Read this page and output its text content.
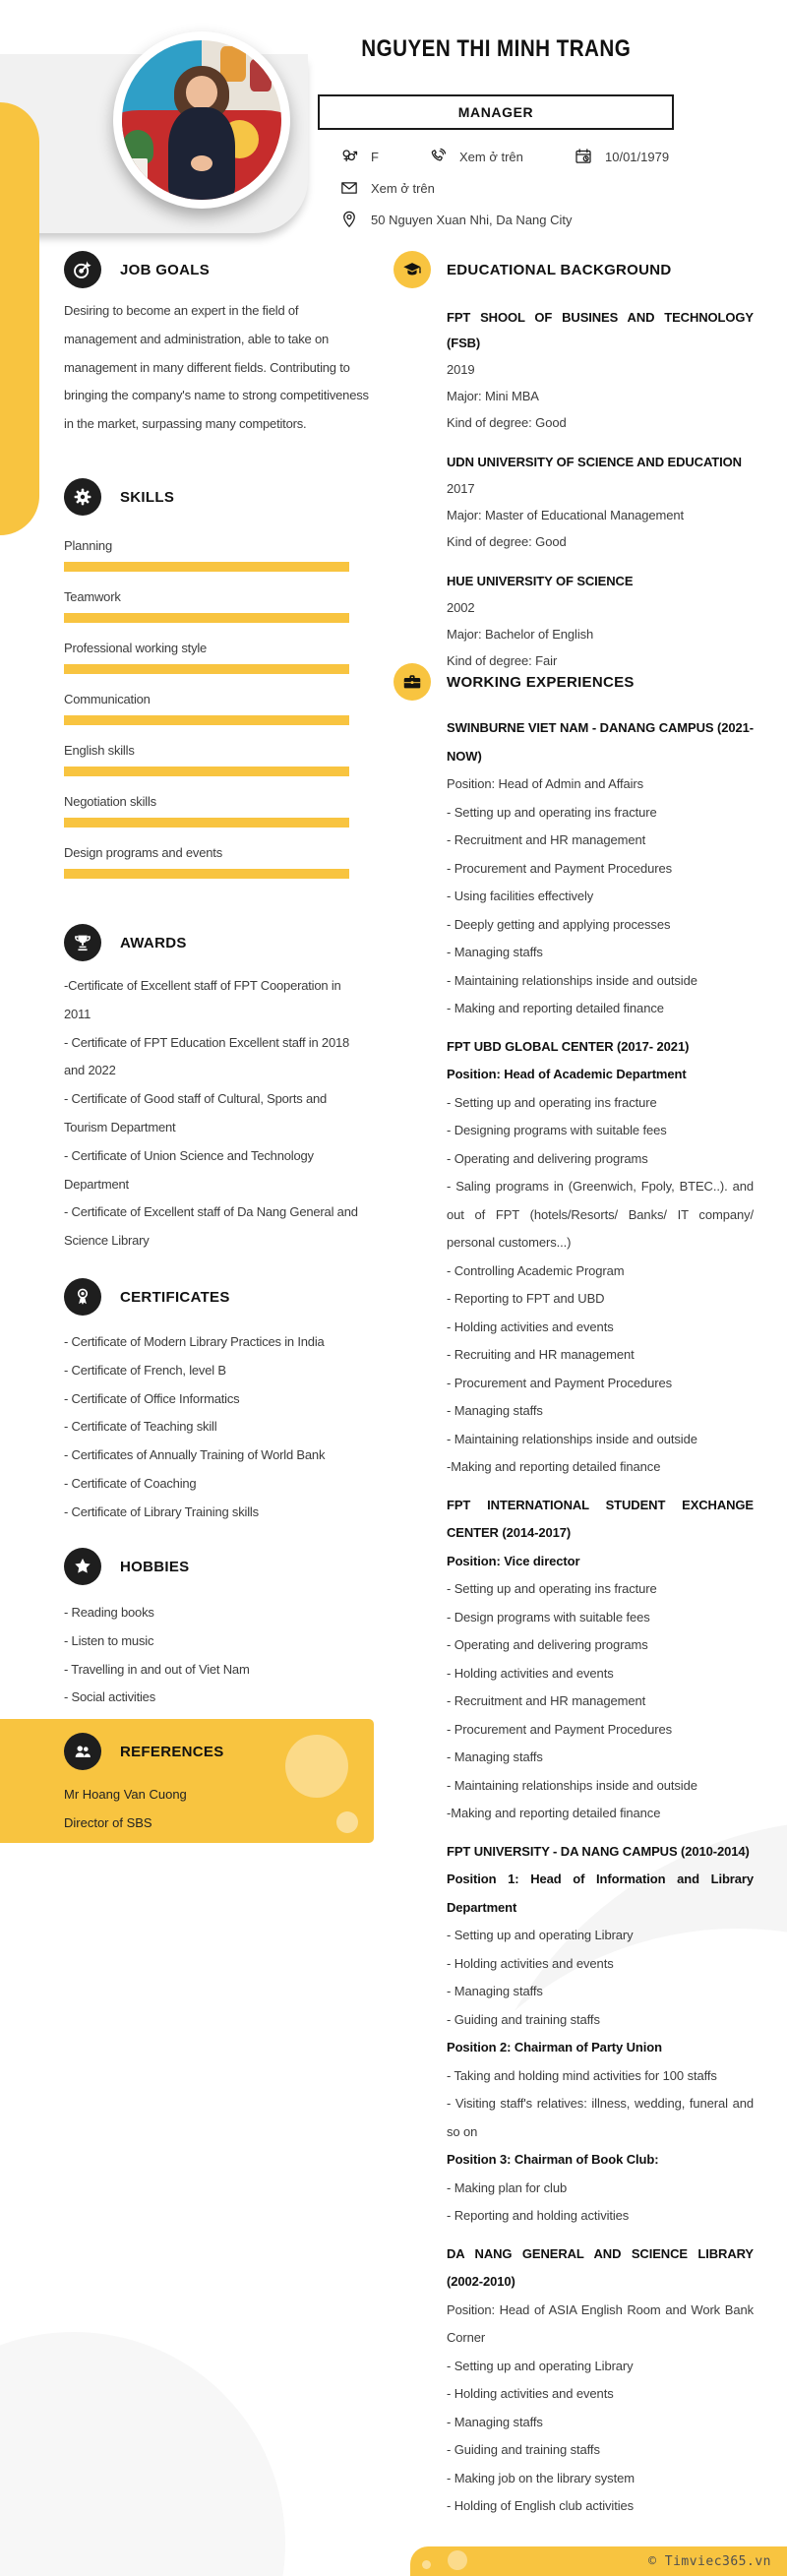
NGUYEN THI MINH TRANG
MANAGER
F	Xem ở trên	10/01/1979
Xem ở trên
50 Nguyen Xuan Nhi, Da Nang City
JOB GOALS
Desiring to become an expert in the field of management and administration, able to take on management in many different fields. Contributing to bringing the company's name to strong competitiveness in the market, surpassing many competitors.
SKILLS
Planning
Teamwork
Professional working style
Communication
English skills
Negotiation skills
Design programs and events
AWARDS
-Certificate of Excellent staff of FPT Cooperation in 2011
- Certificate of FPT Education Excellent staff in 2018 and 2022
- Certificate of Good staff of Cultural, Sports and Tourism Department
- Certificate of Union Science and Technology Department
- Certificate of Excellent staff of Da Nang General and Science Library
CERTIFICATES
- Certificate of Modern Library Practices in India
- Certificate of French, level B
- Certificate of Office Informatics
- Certificate of Teaching skill
- Certificates of Annually Training of World Bank
- Certificate of Coaching
- Certificate of Library Training skills
HOBBIES
- Reading books
- Listen to music
- Travelling in and out of Viet Nam
- Social activities
REFERENCES
Mr Hoang Van Cuong
Director of SBS
EDUCATIONAL BACKGROUND
FPT SHOOL OF BUSINES AND TECHNOLOGY (FSB)
2019
Major: Mini MBA
Kind of degree: Good
UDN UNIVERSITY OF SCIENCE AND EDUCATION
2017
Major: Master of Educational Management
Kind of degree: Good
HUE UNIVERSITY OF SCIENCE
2002
Major: Bachelor of English
Kind of degree: Fair
WORKING EXPERIENCES
SWINBURNE VIET NAM - DANANG CAMPUS (2021-NOW)
Position: Head of Admin and Affairs
- Setting up and operating ins fracture
- Recruitment and HR management
- Procurement and Payment Procedures
- Using facilities effectively
- Deeply getting and applying processes
- Managing staffs
- Maintaining relationships inside and outside
- Making and reporting detailed finance
FPT UBD GLOBAL CENTER (2017- 2021)
Position: Head of Academic Department
- Setting up and operating ins fracture
- Designing programs with suitable fees
- Operating and delivering programs
- Saling programs in (Greenwich, Fpoly, BTEC..). and out of FPT (hotels/Resorts/ Banks/ IT company/ personal customers...)
- Controlling Academic Program
- Reporting to FPT and UBD
- Holding activities and events
- Recruiting and HR management
- Procurement and Payment Procedures
- Managing staffs
- Maintaining relationships inside and outside
-Making and reporting detailed finance
FPT INTERNATIONAL STUDENT EXCHANGE CENTER (2014-2017)
Position: Vice director
- Setting up and operating ins fracture
- Design programs with suitable fees
- Operating and delivering programs
- Holding activities and events
- Recruitment and HR management
- Procurement and Payment Procedures
- Managing staffs
- Maintaining relationships inside and outside
-Making and reporting detailed finance
FPT UNIVERSITY - DA NANG CAMPUS (2010-2014)
Position 1: Head of Information and Library Department
- Setting up and operating Library
- Holding activities and events
- Managing staffs
- Guiding and training staffs
Position 2: Chairman of Party Union
- Taking and holding mind activities for 100 staffs
- Visiting staff's relatives: illness, wedding, funeral and so on
Position 3: Chairman of Book Club:
- Making plan for club
- Reporting and holding activities
DA NANG GENERAL AND SCIENCE LIBRARY (2002-2010)
Position: Head of ASIA English Room and Work Bank Corner
- Setting up and operating Library
- Holding activities and events
- Managing staffs
- Guiding and training staffs
- Making job on the library system
- Holding of English club activities
© Timviec365.vn
